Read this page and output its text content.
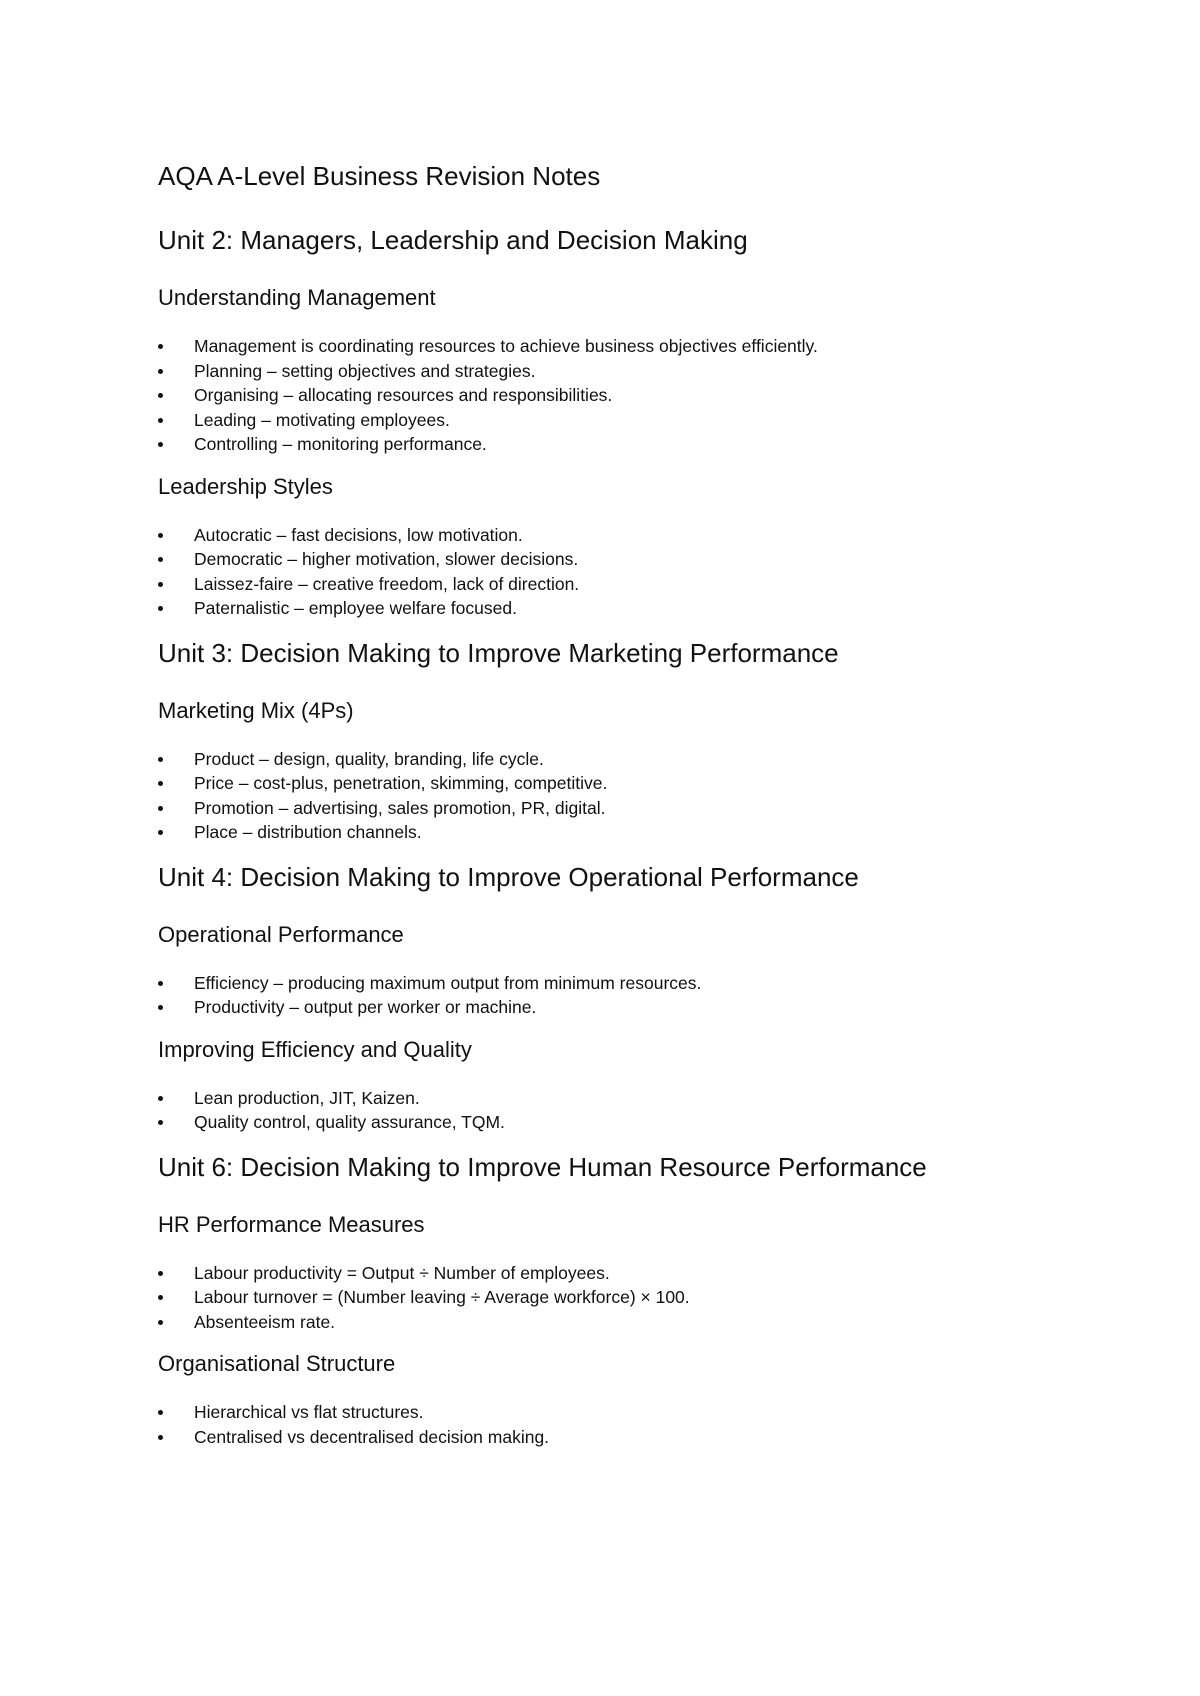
AQA A-Level Business Revision Notes
Unit 2: Managers, Leadership and Decision Making
Understanding Management
Management is coordinating resources to achieve business objectives efficiently.
Planning – setting objectives and strategies.
Organising – allocating resources and responsibilities.
Leading – motivating employees.
Controlling – monitoring performance.
Leadership Styles
Autocratic – fast decisions, low motivation.
Democratic – higher motivation, slower decisions.
Laissez-faire – creative freedom, lack of direction.
Paternalistic – employee welfare focused.
Unit 3: Decision Making to Improve Marketing Performance
Marketing Mix (4Ps)
Product – design, quality, branding, life cycle.
Price – cost-plus, penetration, skimming, competitive.
Promotion – advertising, sales promotion, PR, digital.
Place – distribution channels.
Unit 4: Decision Making to Improve Operational Performance
Operational Performance
Efficiency – producing maximum output from minimum resources.
Productivity – output per worker or machine.
Improving Efficiency and Quality
Lean production, JIT, Kaizen.
Quality control, quality assurance, TQM.
Unit 6: Decision Making to Improve Human Resource Performance
HR Performance Measures
Labour productivity = Output ÷ Number of employees.
Labour turnover = (Number leaving ÷ Average workforce) × 100.
Absenteeism rate.
Organisational Structure
Hierarchical vs flat structures.
Centralised vs decentralised decision making.
